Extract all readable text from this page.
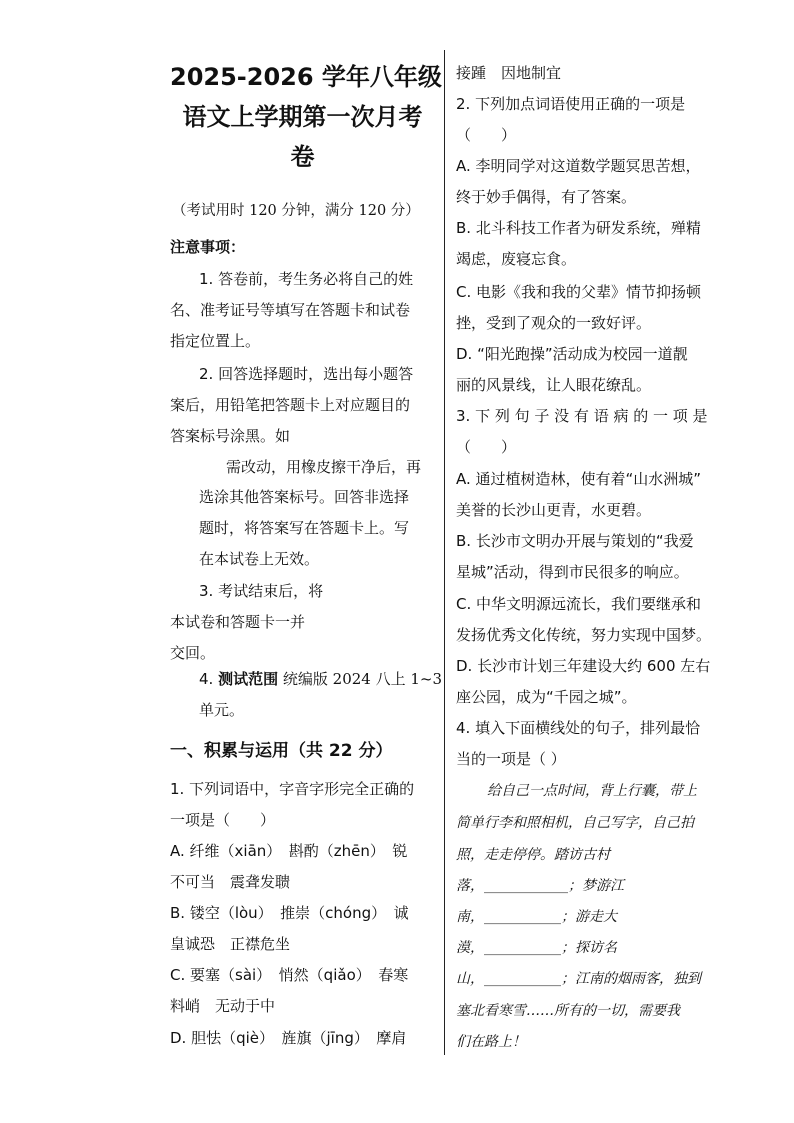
2025-2026 学年八年级
语文上学期第一次月考
卷
（考试用时 120 分钟，满分 120 分）
注意事项：
1. 答卷前，考生务必将自己的姓
名、准考证号等填写在答题卡和试卷
指定位置上。
2. 回答选择题时，选出每小题答
案后，用铅笔把答题卡上对应题目的
答案标号涂黑。如
需改动，用橡皮擦干净后，再
选涂其他答案标号。回答非选择
题时，将答案写在答题卡上。写
在本试卷上无效。
3. 考试结束后，将
本试卷和答题卡一并
交回。
4. 测试范围 统编版 2024 八上 1~3
单元。
一、积累与运用（共 22 分）
1. 下列词语中，字音字形完全正确的
一项是（　　）
A. 纤维（xiān）　斟酌（zhēn）　锐
不可当　震聋发聩
B. 镂空（lòu）　推崇（chóng）　诚
皇诚恐　正襟危坐
C. 要塞（sài）　悄然（qiǎo）　春寒
料峭　无动于中
D. 胆怯（qiè）　旌旗（jīng）　摩肩
接踵　因地制宜
2. 下列加点词语使用正确的一项是
（　　）
A. 李明同学对这道数学题冥思苦想，
终于妙手偶得，有了答案。
B. 北斗科技工作者为研发系统，殚精
竭虑，废寝忘食。
C. 电影《我和我的父辈》情节抑扬顿
挫，受到了观众的一致好评。
D. “阳光跑操”活动成为校园一道靓
丽的风景线，让人眼花缭乱。
3. 下 列 句 子 没 有 语 病 的 一 项 是
（　　）
A. 通过植树造林，使有着“山水洲城”
美誉的长沙山更青，水更碧。
B. 长沙市文明办开展与策划的“我爱
星城”活动，得到市民很多的响应。
C. 中华文明源远流长，我们要继承和
发扬优秀文化传统，努力实现中国梦。
D. 长沙市计划三年建设大约 600 左右
座公园，成为“千园之城”。
4. 填入下面横线处的句子，排列最恰
当的一项是（ ）
给自己一点时间，背上行囊，带上
简单行李和照相机，自己写字，自己拍
照，走走停停。踏访古村
落，____________；梦游江
南，___________；游走大
漠，___________；探访名
山，___________；江南的烟雨客，独到
塞北看寒雪……所有的一切，需要我
们在路上！
